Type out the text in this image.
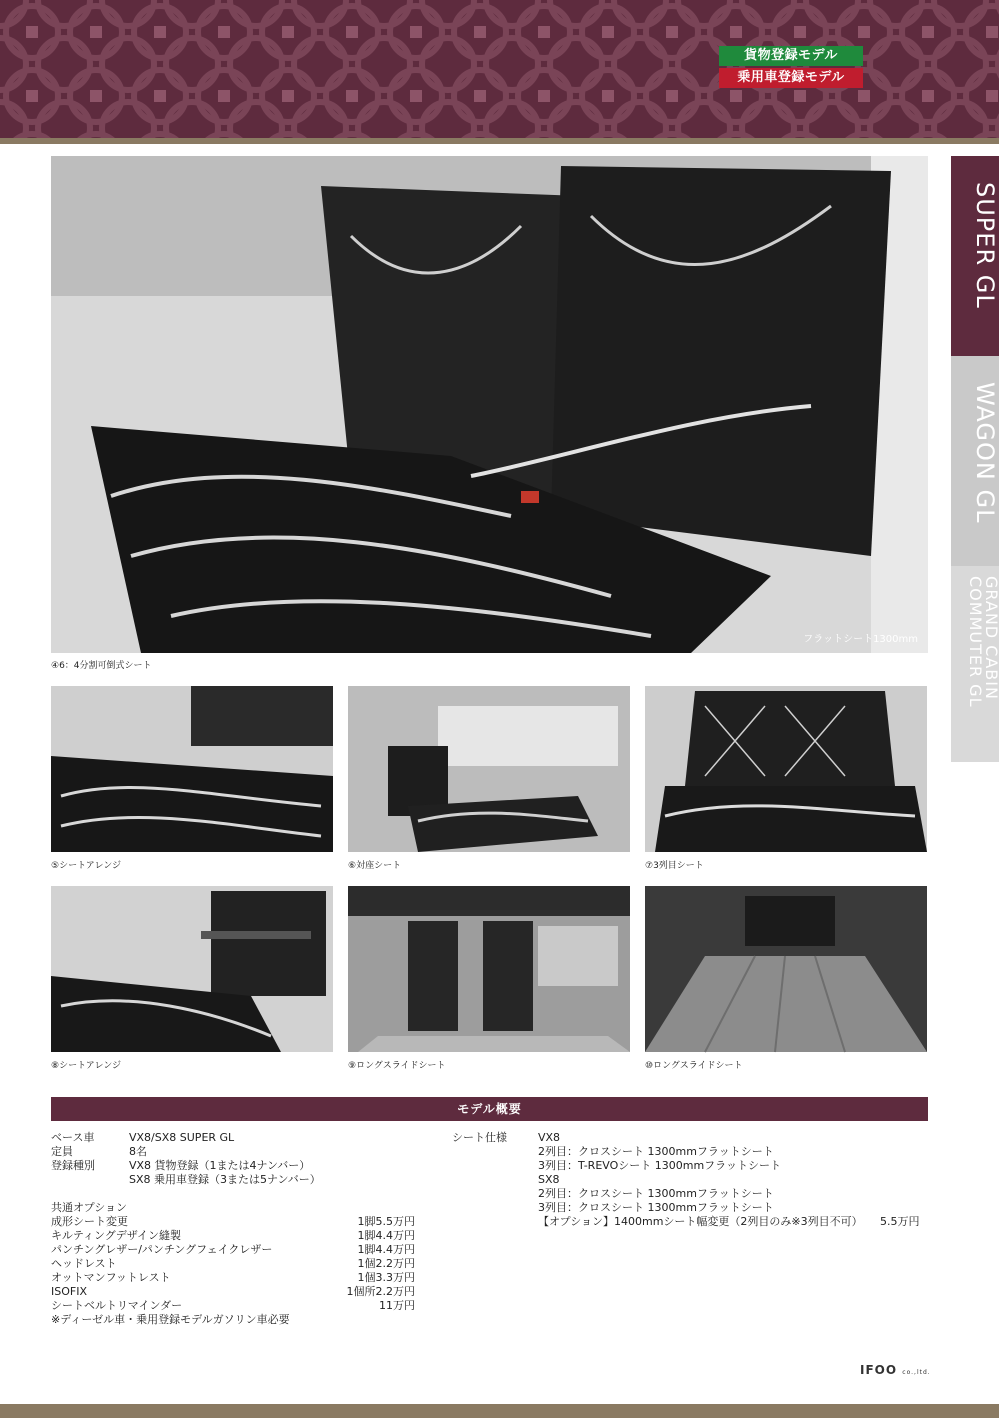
貨物登録モデル
乗用車登録モデル
SUPER GL
WAGON GL
GRAND CABIN COMMUTER GL
フラットシート1300mm
④6：4分割可倒式シート
⑤シートアレンジ	⑥対座シート	⑦3列目シート
⑧シートアレンジ	⑨ロングスライドシート	⑩ロングスライドシート
モデル概要
ベース車	VX8/SX8 SUPER GL
定員	8名
登録種別	VX8 貨物登録（1または4ナンバー）
SX8 乗用車登録（3または5ナンバー）
共通オプション
成形シート変更	1脚5.5万円
キルティングデザイン縫製	1脚4.4万円
パンチングレザー/パンチングフェイクレザー	1脚4.4万円
ヘッドレスト	1個2.2万円
オットマンフットレスト	1個3.3万円
ISOFIX	1個所2.2万円
シートベルトリマインダー	11万円
※ディーゼル車・乗用登録モデルガソリン車必要
シート仕様	VX8
2列目：クロスシート 1300mmフラットシート
3列目：T-REVOシート 1300mmフラットシート
SX8
2列目：クロスシート 1300mmフラットシート
3列目：クロスシート 1300mmフラットシート
【オプション】1400mmシート幅変更（2列目のみ※3列目不可） 5.5万円
IFOO co.,ltd.
